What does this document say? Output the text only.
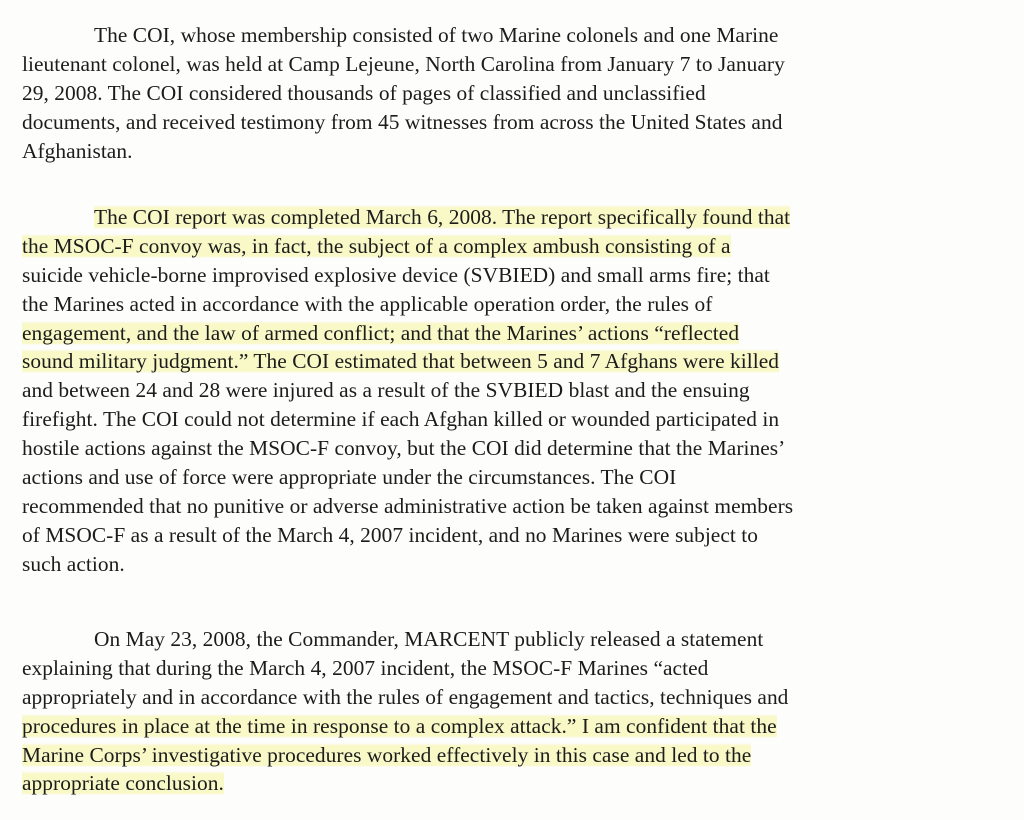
The COI, whose membership consisted of two Marine colonels and one Marine
lieutenant colonel, was held at Camp Lejeune, North Carolina from January 7 to January
29, 2008. The COI considered thousands of pages of classified and unclassified
documents, and received testimony from 45 witnesses from across the United States and
Afghanistan.
The COI report was completed March 6, 2008. The report specifically found that
the MSOC-F convoy was, in fact, the subject of a complex ambush consisting of a
suicide vehicle-borne improvised explosive device (SVBIED) and small arms fire; that
the Marines acted in accordance with the applicable operation order, the rules of
engagement, and the law of armed conflict; and that the Marines’ actions “reflected
sound military judgment.” The COI estimated that between 5 and 7 Afghans were killed
and between 24 and 28 were injured as a result of the SVBIED blast and the ensuing
firefight. The COI could not determine if each Afghan killed or wounded participated in
hostile actions against the MSOC-F convoy, but the COI did determine that the Marines’
actions and use of force were appropriate under the circumstances. The COI
recommended that no punitive or adverse administrative action be taken against members
of MSOC-F as a result of the March 4, 2007 incident, and no Marines were subject to
such action.
On May 23, 2008, the Commander, MARCENT publicly released a statement
explaining that during the March 4, 2007 incident, the MSOC-F Marines “acted
appropriately and in accordance with the rules of engagement and tactics, techniques and
procedures in place at the time in response to a complex attack.” I am confident that the
Marine Corps’ investigative procedures worked effectively in this case and led to the
appropriate conclusion.
